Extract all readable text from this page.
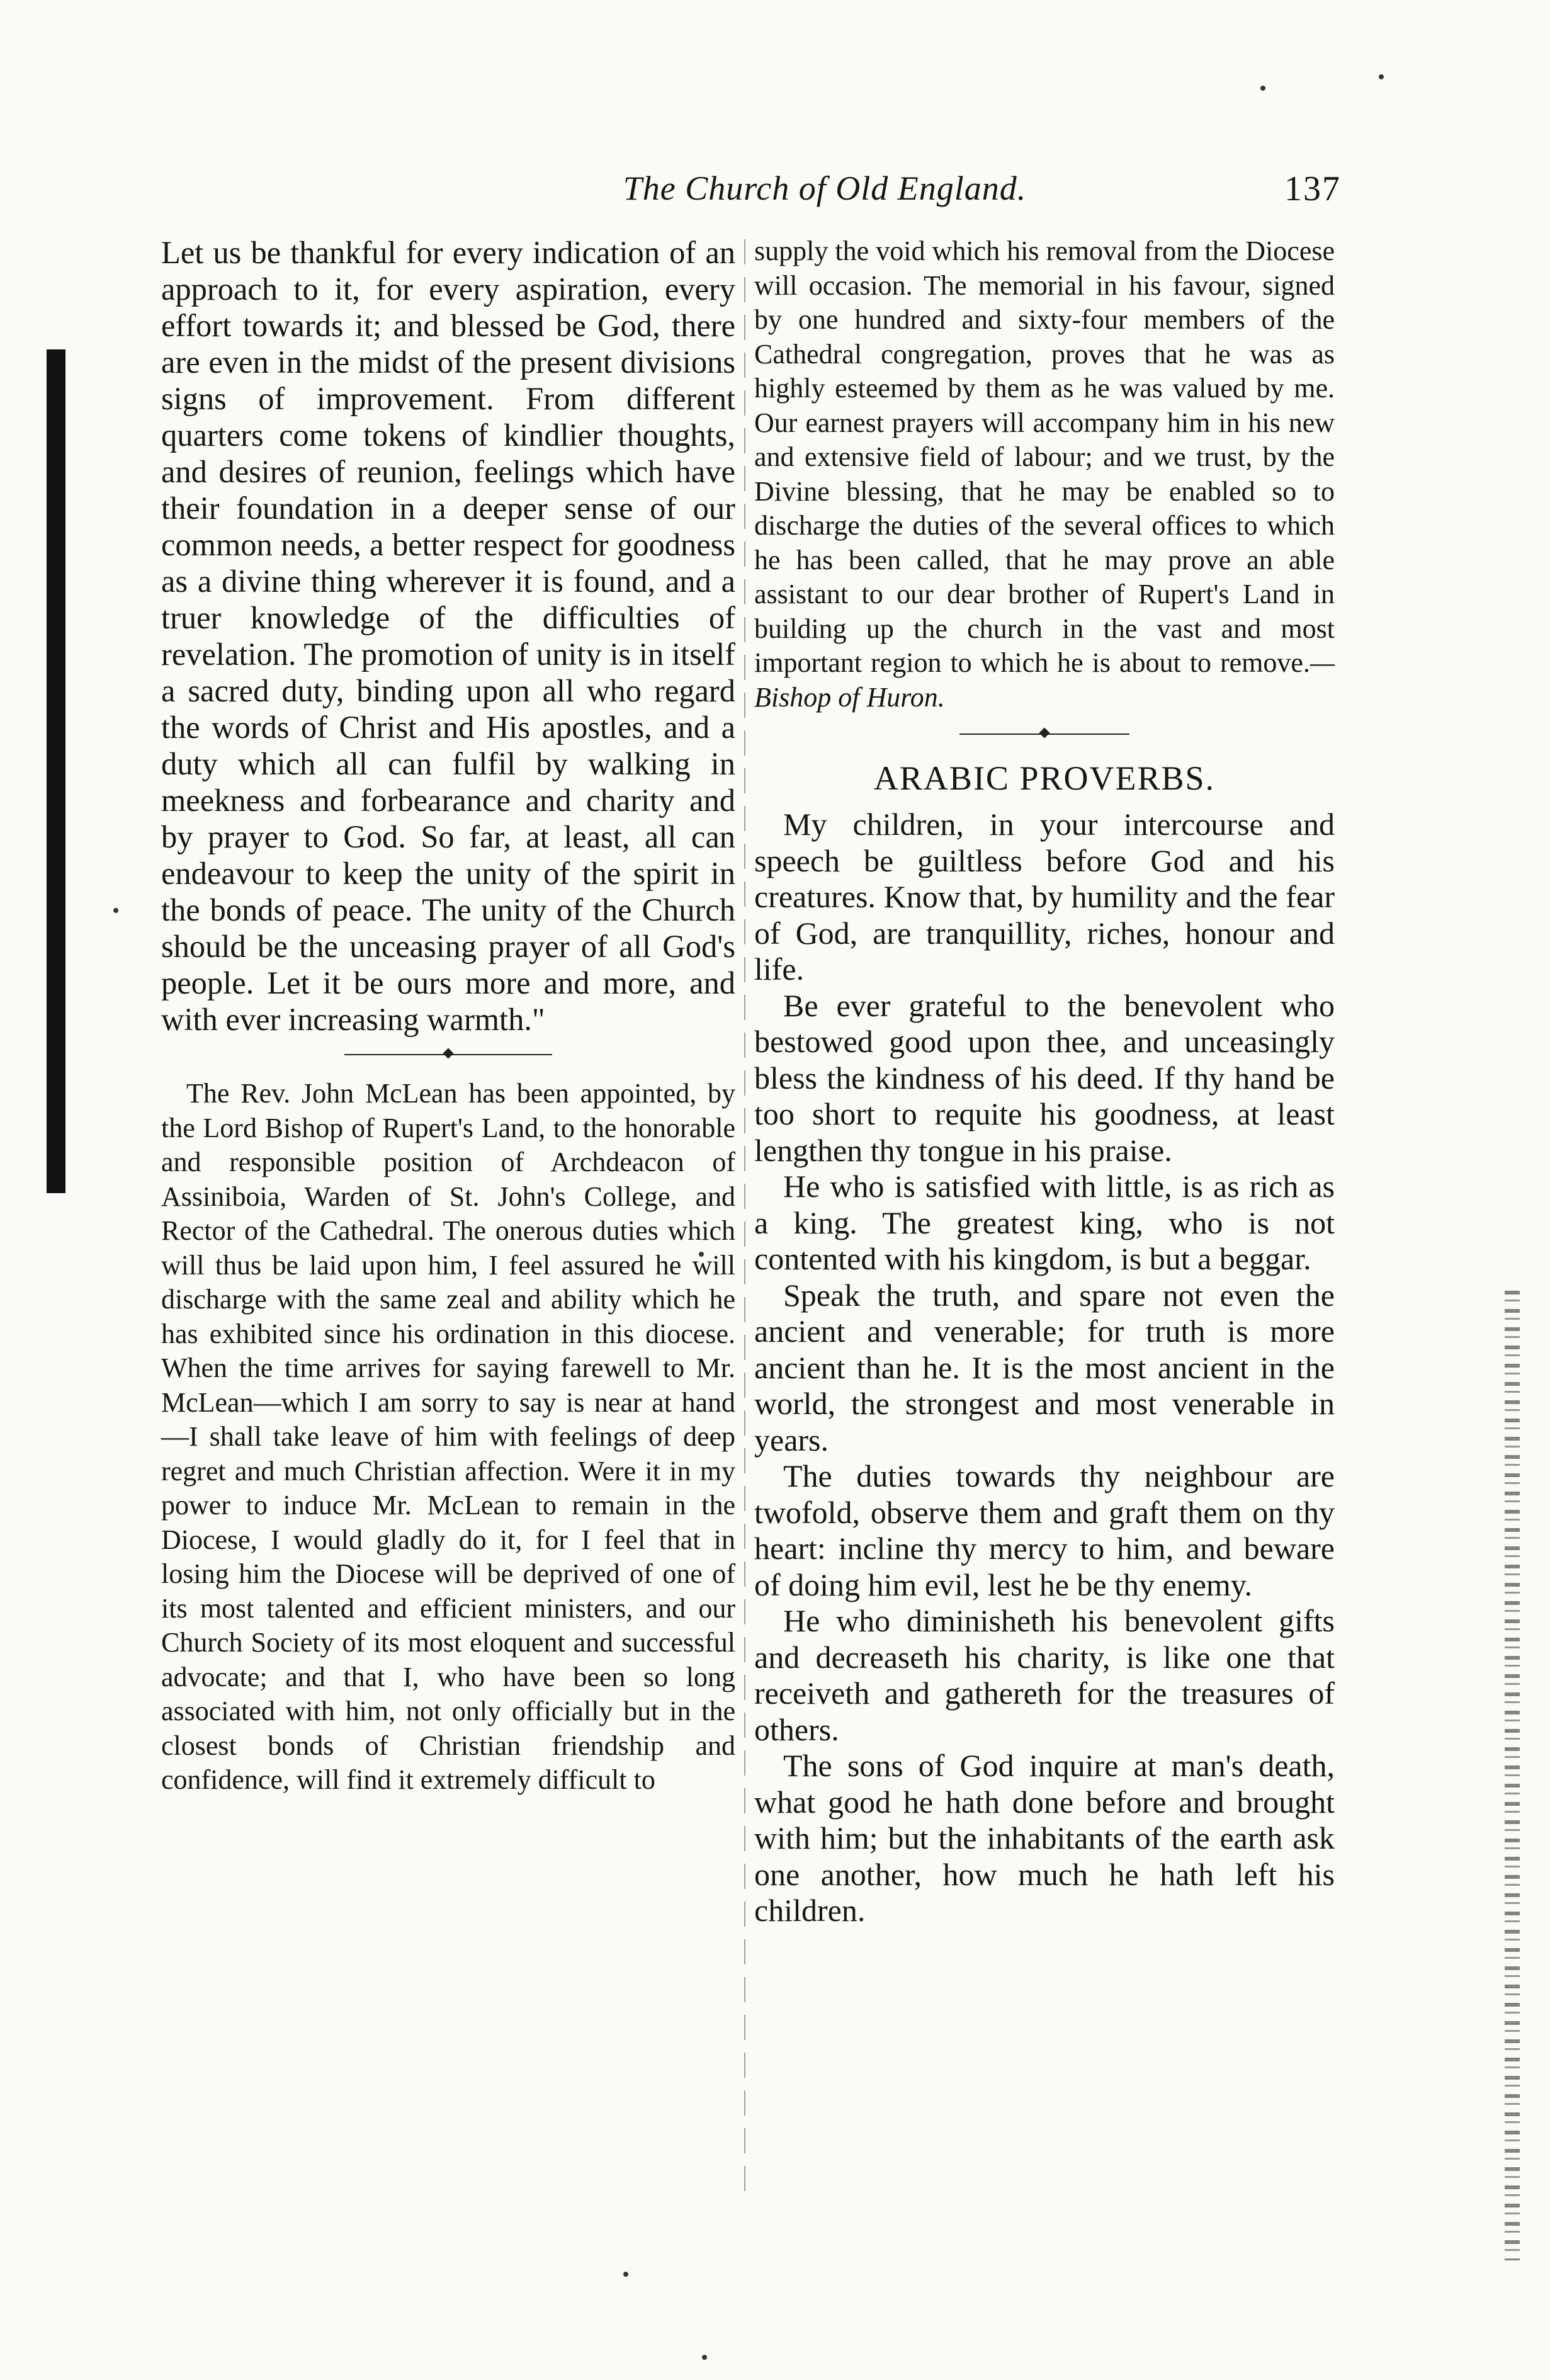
The Church of Old England.	137

Let us be thankful for every indication of an approach to it, for every aspiration, every effort towards it; and blessed be God, there are even in the midst of the present divisions signs of improvement. From different quarters come tokens of kindlier thoughts, and desires of reunion, feelings which have their foundation in a deeper sense of our common needs, a better respect for goodness as a divine thing wherever it is found, and a truer knowledge of the difficulties of revelation. The promotion of unity is in itself a sacred duty, binding upon all who regard the words of Christ and His apostles, and a duty which all can fulfil by walking in meekness and forbearance and charity and by prayer to God. So far, at least, all can endeavour to keep the unity of the spirit in the bonds of peace. The unity of the Church should be the unceasing prayer of all God's people. Let it be ours more and more, and with ever increasing warmth."

The Rev. John McLean has been appointed, by the Lord Bishop of Rupert's Land, to the honorable and responsible position of Archdeacon of Assiniboia, Warden of St. John's College, and Rector of the Cathedral. The onerous duties which will thus be laid upon him, I feel assured he will discharge with the same zeal and ability which he has exhibited since his ordination in this diocese. When the time arrives for saying farewell to Mr. McLean—which I am sorry to say is near at hand—I shall take leave of him with feelings of deep regret and much Christian affection. Were it in my power to induce Mr. McLean to remain in the Diocese, I would gladly do it, for I feel that in losing him the Diocese will be deprived of one of its most talented and efficient ministers, and our Church Society of its most eloquent and successful advocate; and that I, who have been so long associated with him, not only officially but in the closest bonds of Christian friendship and confidence, will find it extremely difficult to

supply the void which his removal from the Diocese will occasion. The memorial in his favour, signed by one hundred and sixty-four members of the Cathedral congregation, proves that he was as highly esteemed by them as he was valued by me. Our earnest prayers will accompany him in his new and extensive field of labour; and we trust, by the Divine blessing, that he may be enabled so to discharge the duties of the several offices to which he has been called, that he may prove an able assistant to our dear brother of Rupert's Land in building up the church in the vast and most important region to which he is about to remove.—Bishop of Huron.

ARABIC PROVERBS.

My children, in your intercourse and speech be guiltless before God and his creatures. Know that, by humility and the fear of God, are tranquillity, riches, honour and life.

Be ever grateful to the benevolent who bestowed good upon thee, and unceasingly bless the kindness of his deed. If thy hand be too short to requite his goodness, at least lengthen thy tongue in his praise.

He who is satisfied with little, is as rich as a king. The greatest king, who is not contented with his kingdom, is but a beggar.

Speak the truth, and spare not even the ancient and venerable; for truth is more ancient than he. It is the most ancient in the world, the strongest and most venerable in years.

The duties towards thy neighbour are twofold, observe them and graft them on thy heart: incline thy mercy to him, and beware of doing him evil, lest he be thy enemy.

He who diminisheth his benevolent gifts and decreaseth his charity, is like one that receiveth and gathereth for the treasures of others.

The sons of God inquire at man's death, what good he hath done before and brought with him; but the inhabitants of the earth ask one another, how much he hath left his children.
